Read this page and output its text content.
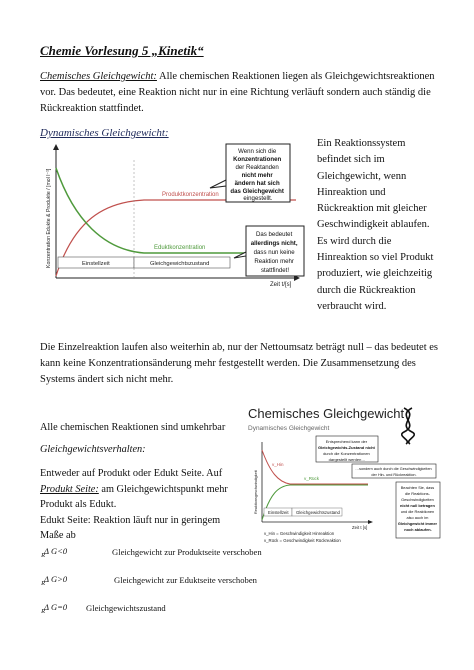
Chemie Vorlesung 5 „Kinetik“
Chemisches Gleichgewicht: Alle chemischen Reaktionen liegen als Gleichgewichtsreaktionen vor. Das bedeutet, eine Reaktion nicht nur in eine Richtung verläuft sondern auch ständig die Rückreaktion stattfindet.
Dynamisches Gleichgewicht:
Produktkonzentration
Eduktkonzentration
Einstellzeit	Gleichgewichtszustand
Zeit t/[s]
Konzentration Edukte & Produkte / [mol l⁻¹]
Wenn sich die Konzentrationen der Reaktanden nicht mehr ändern hat sich das Gleichgewicht eingestellt.
Das bedeutet allerdings nicht, dass nun keine Reaktion mehr stattfindet!
Ein Reaktionssystem befindet sich im Gleichgewicht, wenn Hinreaktion und Rückreaktion mit gleicher Geschwindigkeit ablaufen. Es wird durch die Hinreaktion so viel Produkt produziert, wie gleichzeitig durch die Rückreaktion verbraucht wird.
Die Einzelreaktion laufen also weiterhin ab, nur der Nettoumsatz beträgt null – das bedeutet es kann keine Konzentrationsänderung mehr festgestellt werden. Die Zusammensetzung des Systems ändert sich nicht mehr.
Alle chemischen Reaktionen sind umkehrbar
Gleichgewichtsverhalten:
Entweder auf Produkt oder Edukt Seite. Auf
Produkt Seite: am Gleichgewichtspunkt mehr Produkt als Edukt.
Edukt Seite: Reaktion läuft nur in geringem Maße ab
Δ $G<0_R$	Gleichgewicht zur Produktseite verschoben
Δ $G>0_R$	Gleichgewicht zur Eduktseite verschoben
Δ $G=0_R$	Gleichgewichtszustand
Chemisches Gleichgewicht
Dynamisches Gleichgewicht
v_Hin
v_Rück
Einstellzeit Gleichgewichtszustand
Zeit t [s]
Reaktionsgeschwindigkeit
v_Hin = Geschwindigkeit Hinreaktion
v_Rück = Geschwindigkeit Rückreaktion
Entsprechend kann der Gleichgewichts-Zustand nicht durch die Konzentrationen dargestellt werden…
…sondern auch durch die Geschwindigkeiten der Hin- und Rückreaktion.
Beachten Sie, dass die Reaktions- Geschwindigkeiten nicht null betragen und die Reaktionen also auch im Gleichgewicht immer noch ablaufen.
